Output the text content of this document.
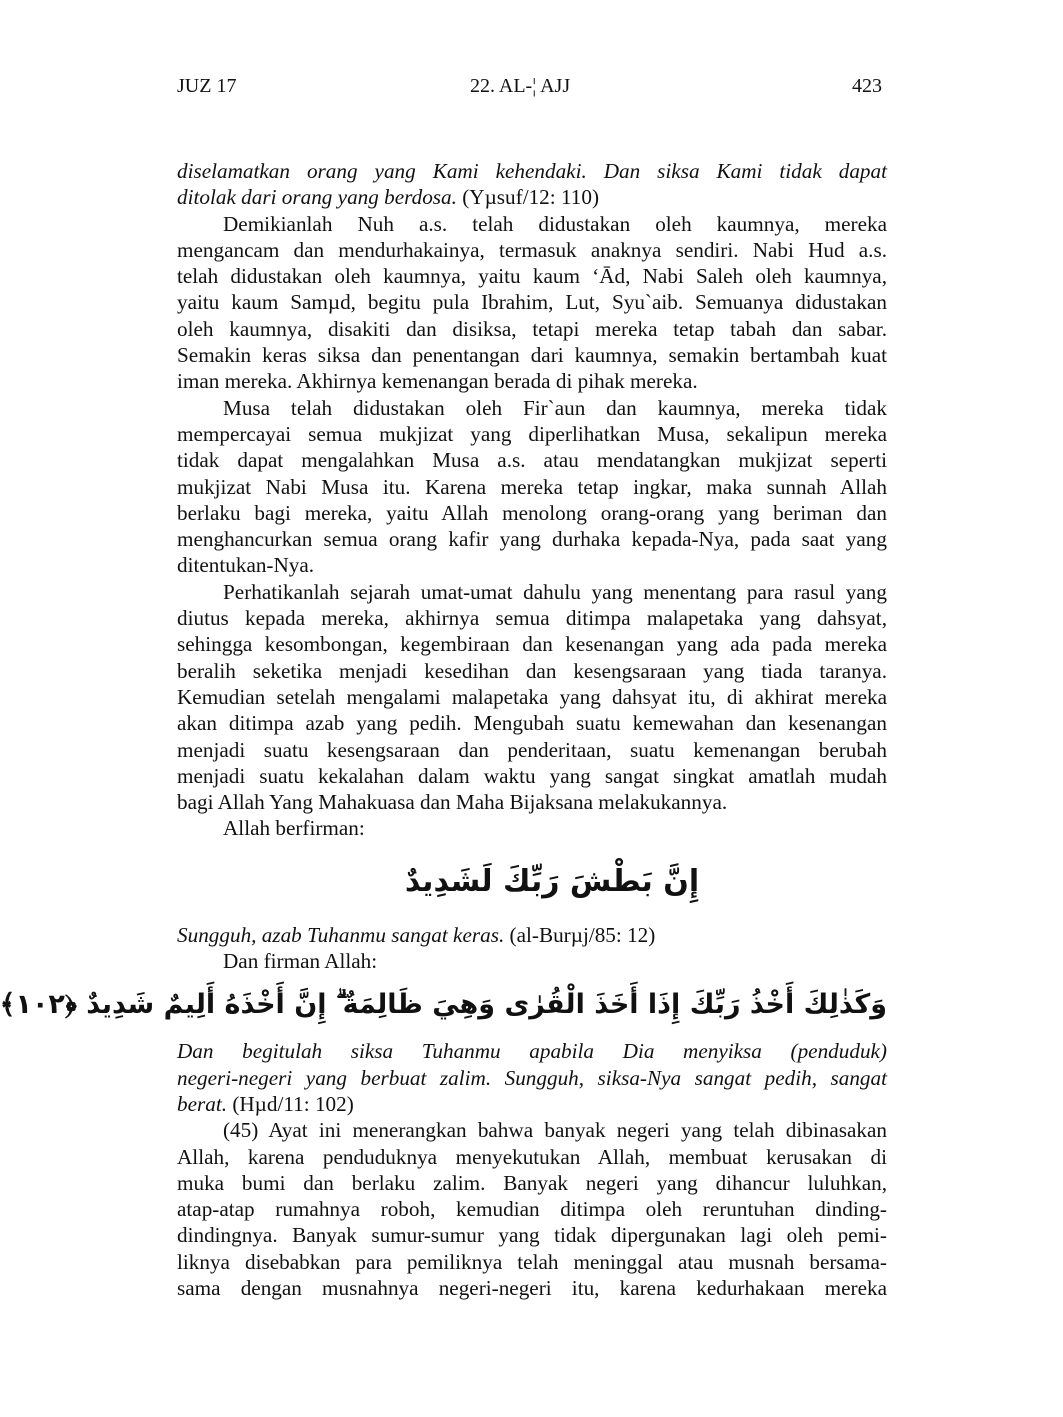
JUZ 17	22. AL-¦ AJJ	423
diselamatkan orang yang Kami kehendaki. Dan siksa Kami tidak dapat
ditolak dari orang yang berdosa. (Yµsuf/12: 110)
Demikianlah Nuh a.s. telah didustakan oleh kaumnya, mereka
mengancam dan mendurhakainya, termasuk anaknya sendiri. Nabi Hud a.s.
telah didustakan oleh kaumnya, yaitu kaum ‘Ād, Nabi Saleh oleh kaumnya,
yaitu kaum Samµd, begitu pula Ibrahim, Lut, Syu`aib. Semuanya didustakan
oleh kaumnya, disakiti dan disiksa, tetapi mereka tetap tabah dan sabar.
Semakin keras siksa dan penentangan dari kaumnya, semakin bertambah kuat
iman mereka. Akhirnya kemenangan berada di pihak mereka.
Musa telah didustakan oleh Fir`aun dan kaumnya, mereka tidak
mempercayai semua mukjizat yang diperlihatkan Musa, sekalipun mereka
tidak dapat mengalahkan Musa a.s. atau mendatangkan mukjizat seperti
mukjizat Nabi Musa itu. Karena mereka tetap ingkar, maka sunnah Allah
berlaku bagi mereka, yaitu Allah menolong orang-orang yang beriman dan
menghancurkan semua orang kafir yang durhaka kepada-Nya, pada saat yang
ditentukan-Nya.
Perhatikanlah sejarah umat-umat dahulu yang menentang para rasul yang
diutus kepada mereka, akhirnya semua ditimpa malapetaka yang dahsyat,
sehingga kesombongan, kegembiraan dan kesenangan yang ada pada mereka
beralih seketika menjadi kesedihan dan kesengsaraan yang tiada taranya.
Kemudian setelah mengalami malapetaka yang dahsyat itu, di akhirat mereka
akan ditimpa azab yang pedih. Mengubah suatu kemewahan dan kesenangan
menjadi suatu kesengsaraan dan penderitaan, suatu kemenangan berubah
menjadi suatu kekalahan dalam waktu yang sangat singkat amatlah mudah
bagi Allah Yang Mahakuasa dan Maha Bijaksana melakukannya.
Allah berfirman:
إِنَّ بَطْشَ رَبِّكَ لَشَدِيدٌ
Sungguh, azab Tuhanmu sangat keras. (al-Burµj/85: 12)
Dan firman Allah:
وَكَذٰلِكَ أَخْذُ رَبِّكَ إِذَا أَخَذَ الْقُرٰى وَهِيَ ظَالِمَةٌ ۗ إِنَّ أَخْذَهُ أَلِيمٌ شَدِيدٌ ﴿١٠٢﴾
Dan begitulah siksa Tuhanmu apabila Dia menyiksa (penduduk)
negeri-negeri yang berbuat zalim. Sungguh, siksa-Nya sangat pedih, sangat
berat. (Hµd/11: 102)
(45) Ayat ini menerangkan bahwa banyak negeri yang telah dibinasakan
Allah, karena penduduknya menyekutukan Allah, membuat kerusakan di
muka bumi dan berlaku zalim. Banyak negeri yang dihancur luluhkan,
atap-atap rumahnya roboh, kemudian ditimpa oleh reruntuhan dinding-
dindingnya. Banyak sumur-sumur yang tidak dipergunakan lagi oleh pemi-
liknya disebabkan para pemiliknya telah meninggal atau musnah bersama-
sama dengan musnahnya negeri-negeri itu, karena kedurhakaan mereka
